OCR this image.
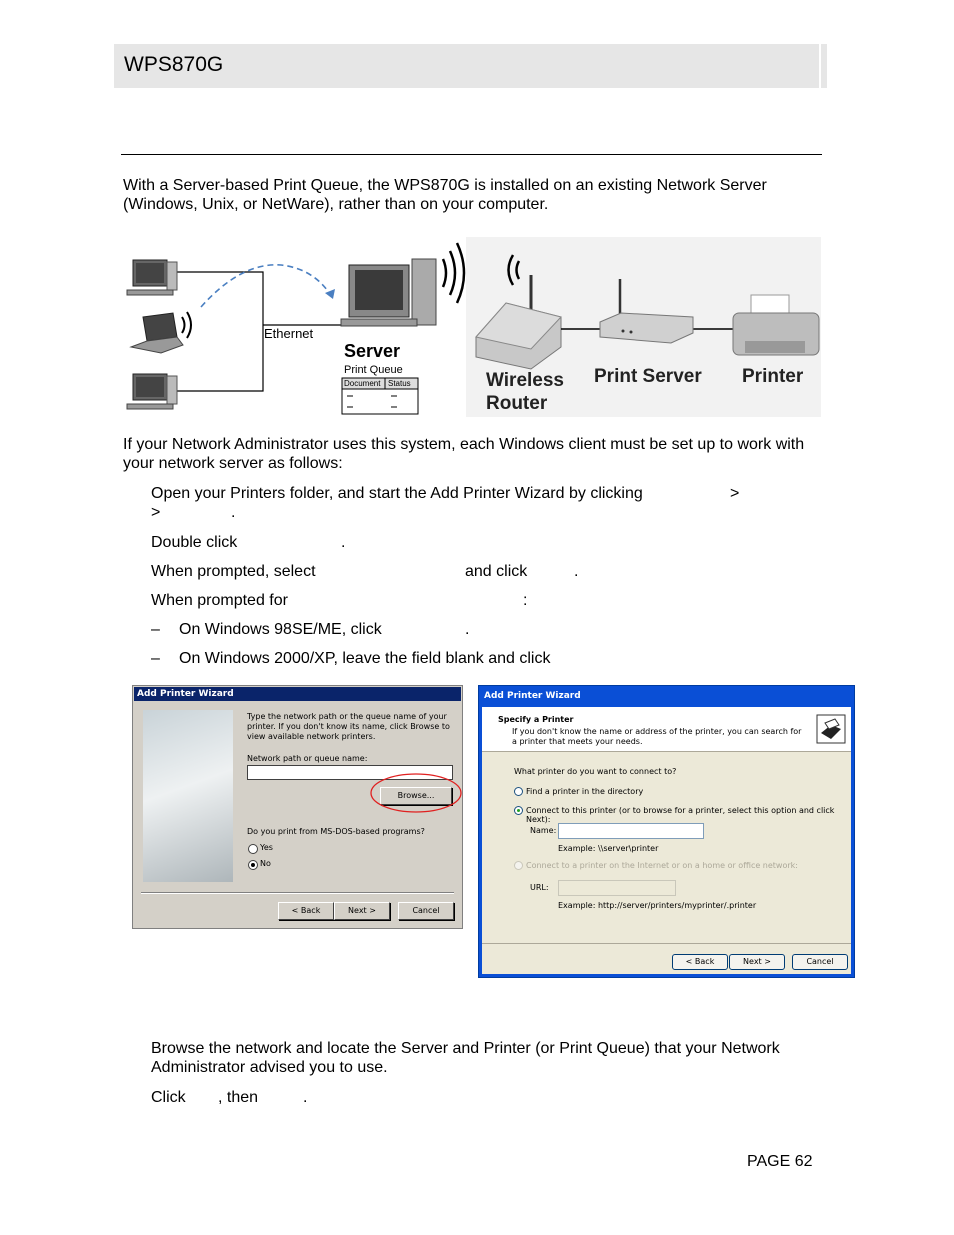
WPS870G
With a Server-based Print Queue, the WPS870G is installed on an existing Network Server (Windows, Unix, or NetWare), rather than on your computer.
Ethernet
Server
Print Queue
Document Status	Wireless
Router
Print Server Printer
If your Network Administrator uses this system, each Windows client must be set up to work with your network server as follows:
Open your Printers folder, and start the Add Printer Wizard by clicking	>
>	.
Double click	.
When prompted, select	and click	.
When prompted for	:
– On Windows 98SE/ME, click	.
– On Windows 2000/XP, leave the field blank and click
Add Printer Wizard
Type the network path or the queue name of your printer. If you don't know its name, click Browse to view available network printers.
Network path or queue name:
Browse...
Do you print from MS-DOS-based programs?
Yes
No
< Back	Next >	Cancel
Add Printer Wizard
Specify a Printer
If you don't know the name or address of the printer, you can search for a printer that meets your needs.
What printer do you want to connect to?
Find a printer in the directory
Connect to this printer (or to browse for a printer, select this option and click Next):
Name:
Example: \\server\printer
Connect to a printer on the Internet or on a home or office network:
URL:
Example: http://server/printers/myprinter/.printer
< Back	Next >	Cancel
Browse the network and locate the Server and Printer (or Print Queue) that your Network Administrator advised you to use.
Click , then	.
PAGE 62
